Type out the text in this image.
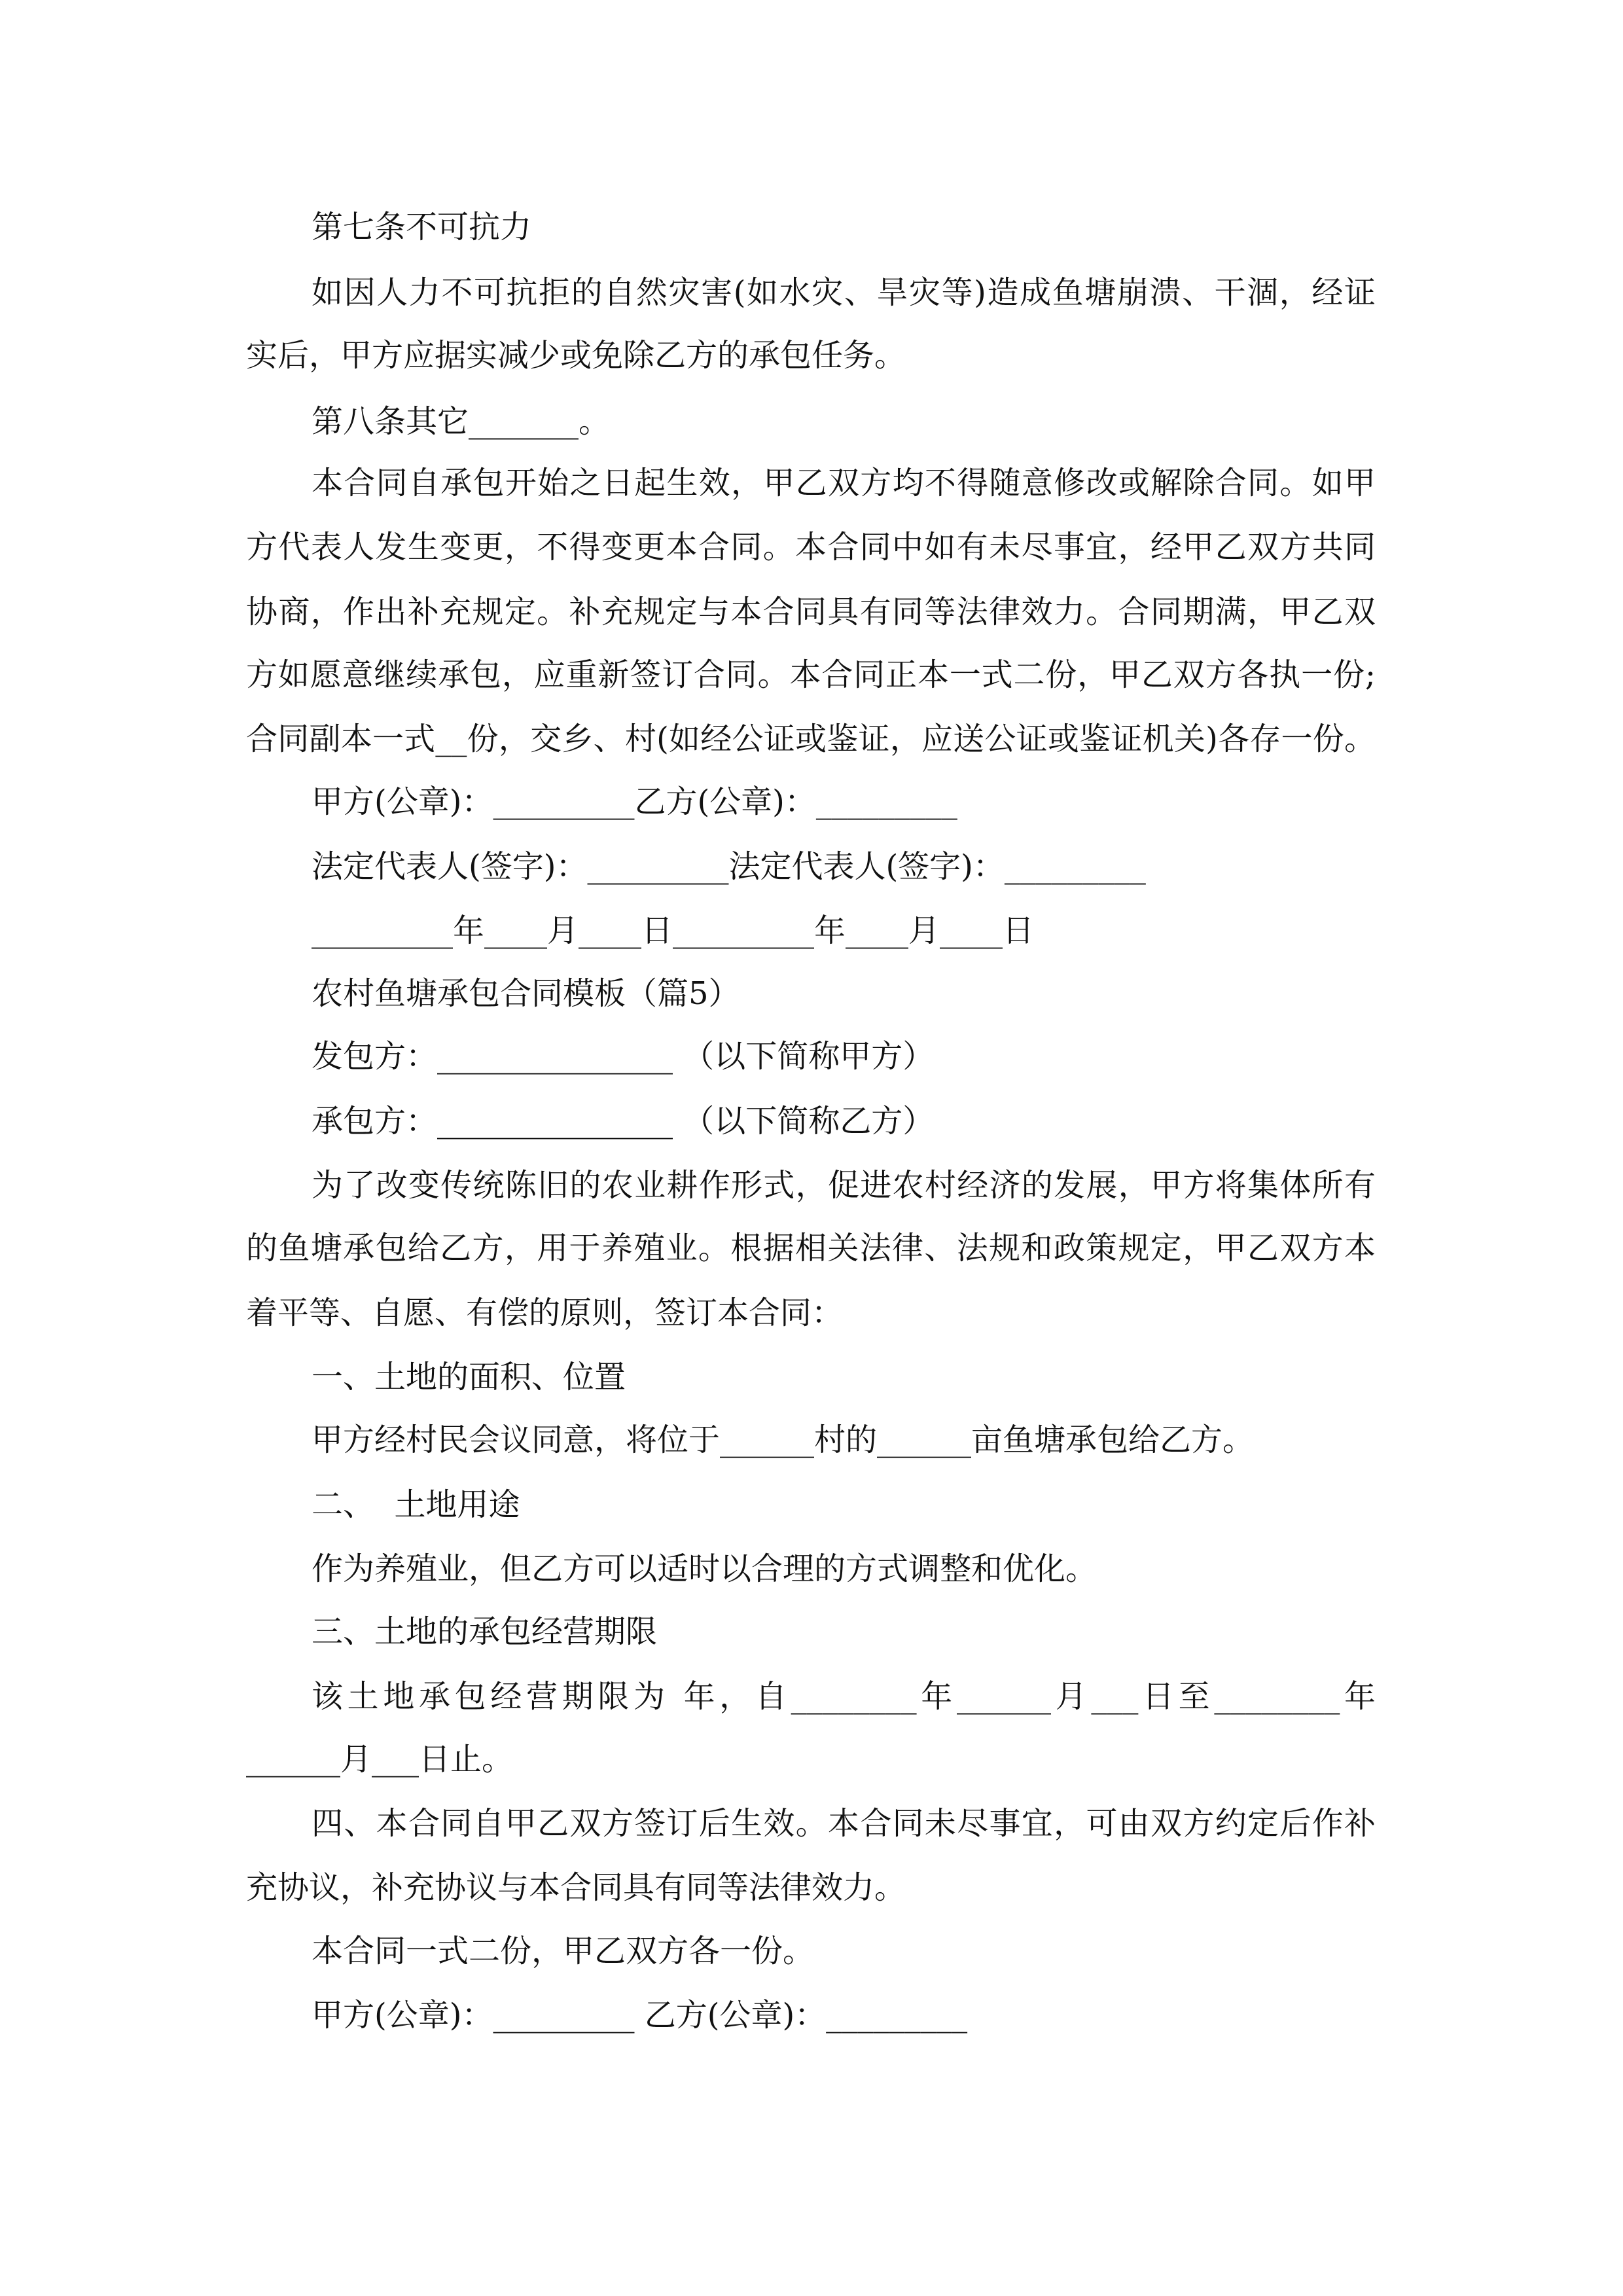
第七条不可抗力
如因人力不可抗拒的自然灾害(如水灾、旱灾等)造成鱼塘崩溃、干涸，经证
实后，甲方应据实减少或免除乙方的承包任务。
第八条其它_______。
本合同自承包开始之日起生效，甲乙双方均不得随意修改或解除合同。如甲
方代表人发生变更，不得变更本合同。本合同中如有未尽事宜，经甲乙双方共同
协商，作出补充规定。补充规定与本合同具有同等法律效力。合同期满，甲乙双
方如愿意继续承包，应重新签订合同。本合同正本一式二份，甲乙双方各执一份;
合同副本一式__份，交乡、村(如经公证或鉴证，应送公证或鉴证机关)各存一份。
甲方(公章)：_________乙方(公章)：_________
法定代表人(签字)：_________法定代表人(签字)：_________
_________年____月____日_________年____月____日
农村鱼塘承包合同模板（篇5）
发包方：_______________ （以下简称甲方）
承包方：_______________ （以下简称乙方）
为了改变传统陈旧的农业耕作形式，促进农村经济的发展，甲方将集体所有
的鱼塘承包给乙方，用于养殖业。根据相关法律、法规和政策规定，甲乙双方本
着平等、自愿、有偿的原则，签订本合同：
一、土地的面积、位置
甲方经村民会议同意，将位于______村的______亩鱼塘承包给乙方。
二、  土地用途
作为养殖业，但乙方可以适时以合理的方式调整和优化。
三、土地的承包经营期限
该土地承包经营期限为 年，自________年______月___日至________年
______月___日止。
四、本合同自甲乙双方签订后生效。本合同未尽事宜，可由双方约定后作补
充协议，补充协议与本合同具有同等法律效力。
本合同一式二份，甲乙双方各一份。
甲方(公章)：_________ 乙方(公章)：_________
